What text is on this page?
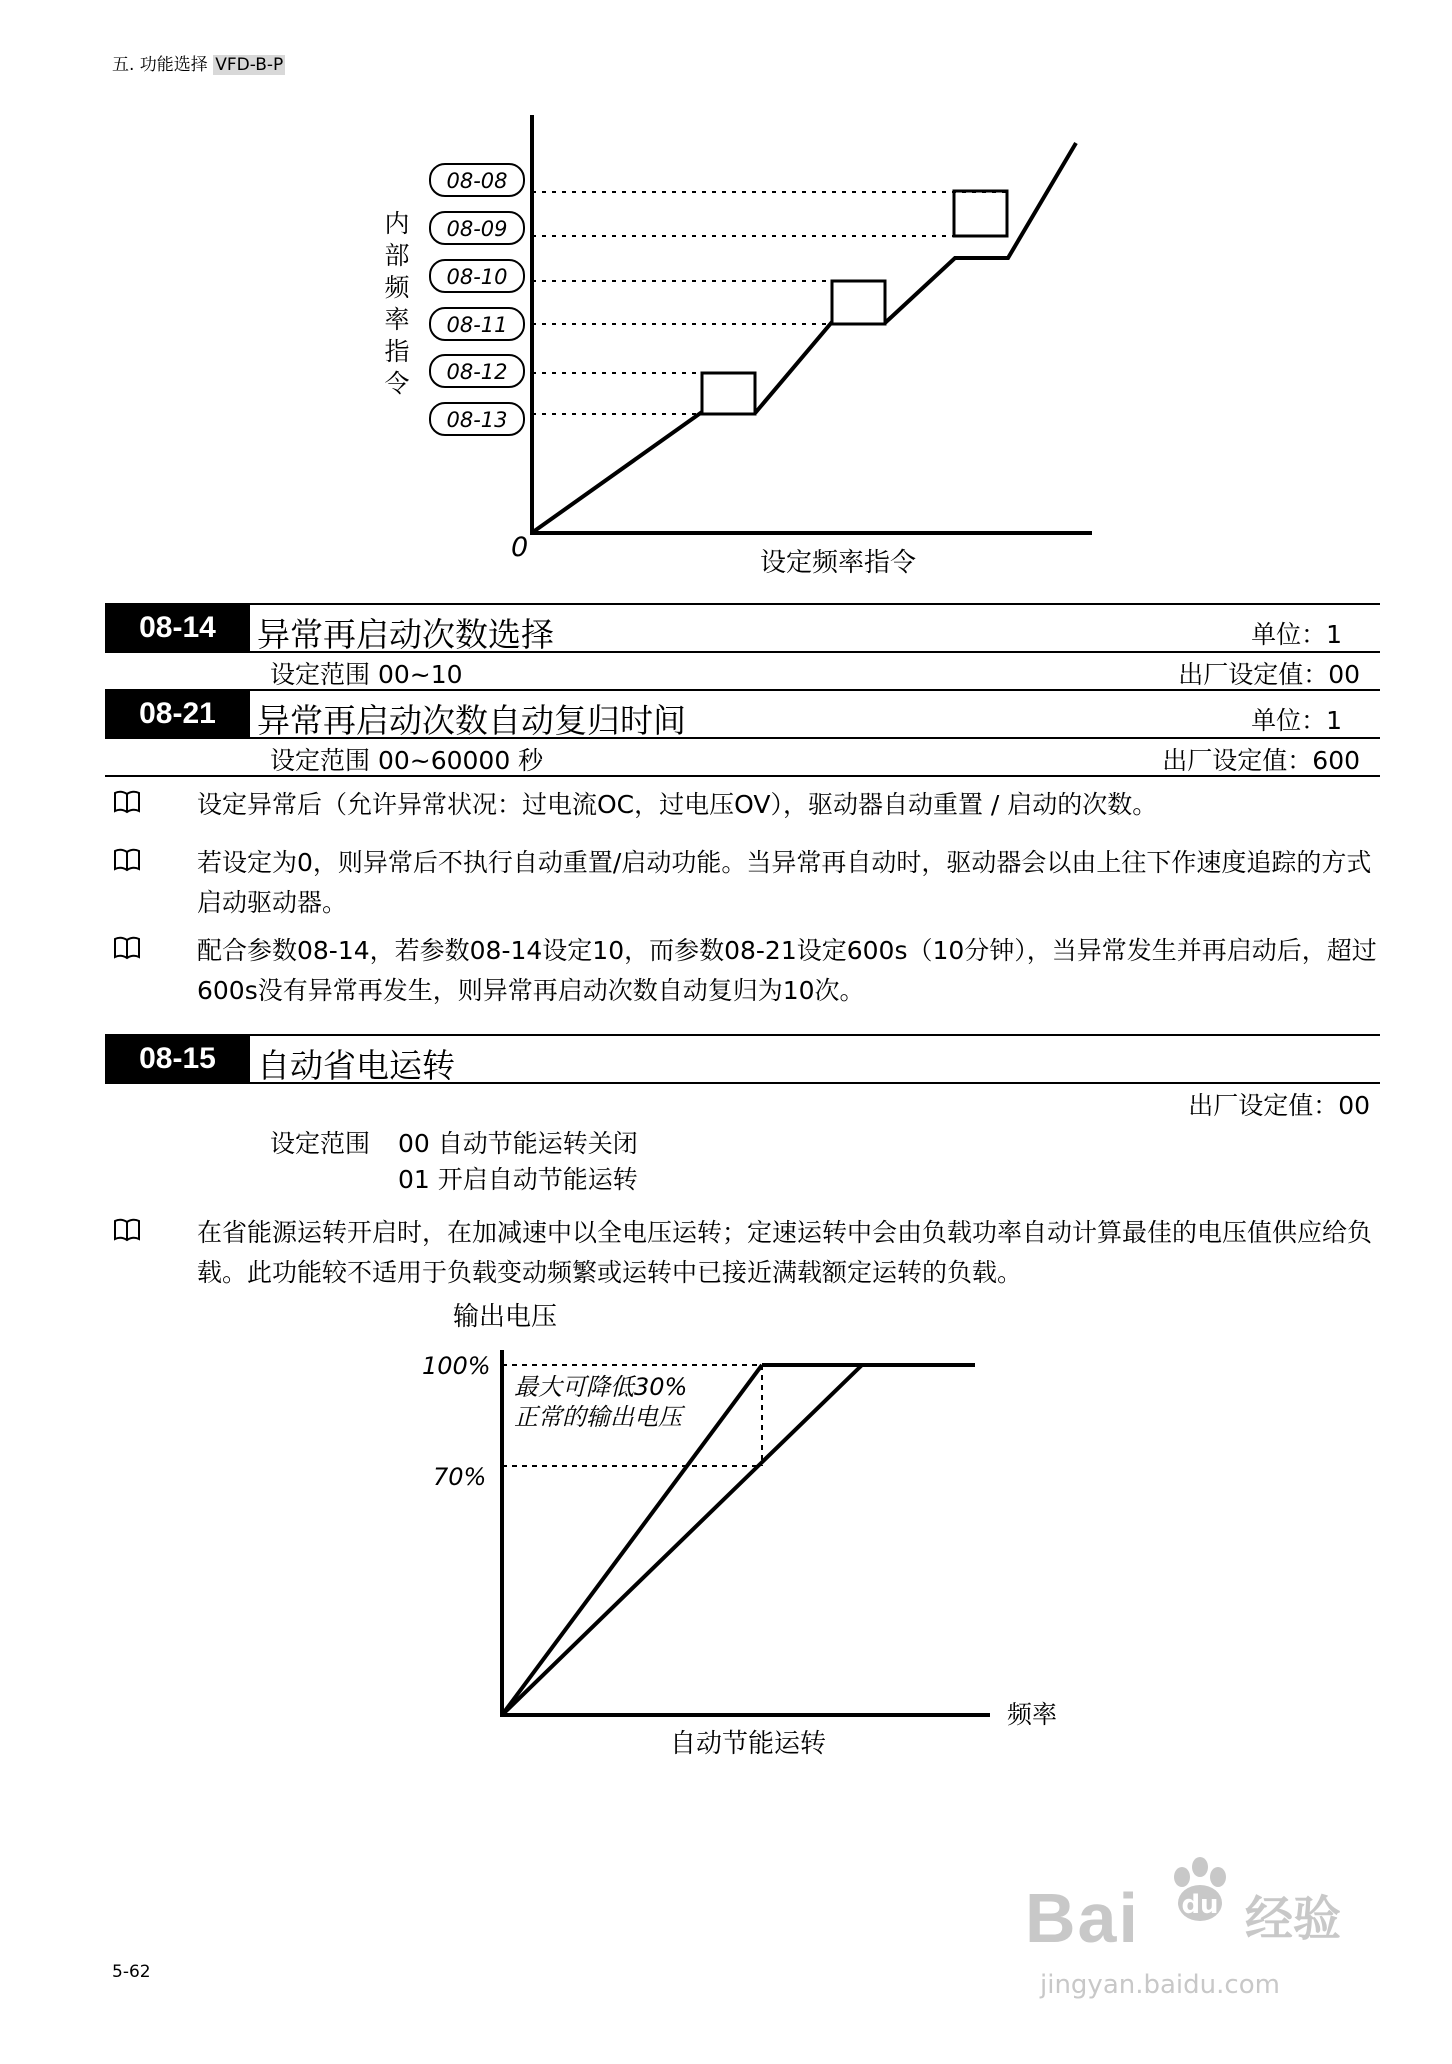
五. 功能选择 VFD-B-P
08-08
08-09
08-10
08-11
08-12
08-13
内
部
频
率
指
令
0	设定频率指令
08-14	异常再启动次数选择	单位：1
设定范围 00~10	出厂设定值：00
08-21	异常再启动次数自动复归时间	单位：1
设定范围 00~60000 秒	出厂设定值：600
设定异常后（允许异常状况：过电流OC，过电压OV），驱动器自动重置 / 启动的次数。
若设定为0，则异常后不执行自动重置/启动功能。当异常再自动时，驱动器会以由上往下作速度追踪的方式启动驱动器。
配合参数08-14，若参数08-14设定10，而参数08-21设定600s（10分钟），当异常发生并再启动后，超过600s没有异常再发生，则异常再启动次数自动复归为10次。
08-15	自动省电运转
出厂设定值：00
设定范围 00 自动节能运转关闭
01 开启自动节能运转
在省能源运转开启时，在加减速中以全电压运转；定速运转中会由负载功率自动计算最佳的电压值供应给负载。此功能较不适用于负载变动频繁或运转中已接近满载额定运转的负载。
输出电压
100%
70%
最大可降低30%
正常的输出电压
频率
自动节能运转
Bai du 经验
jingyan.baidu.com
5-62
